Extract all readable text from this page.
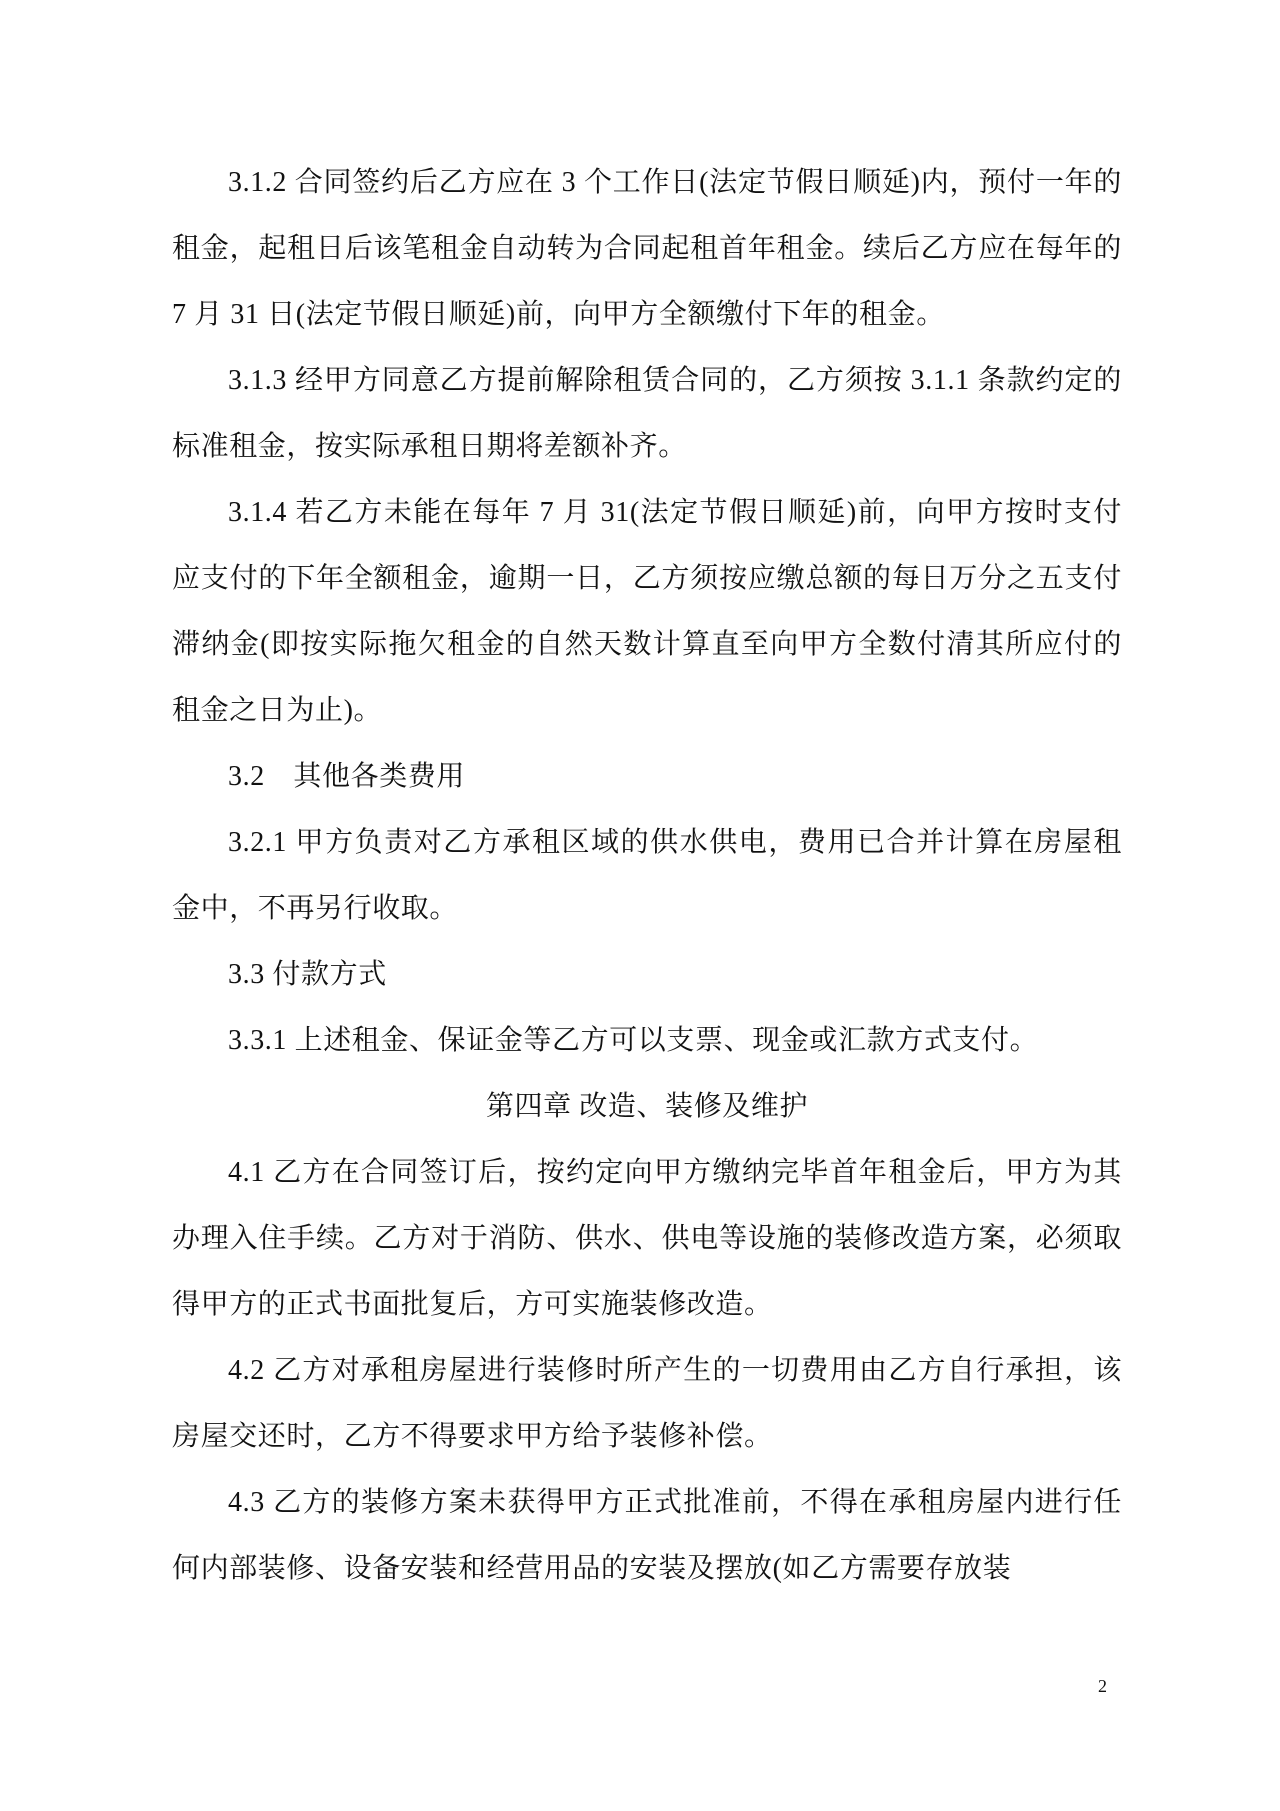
3.1.2 合同签约后乙方应在 3 个工作日(法定节假日顺延)内，预付一年的租金，起租日后该笔租金自动转为合同起租首年租金。续后乙方应在每年的 7 月 31 日(法定节假日顺延)前，向甲方全额缴付下年的租金。

3.1.3 经甲方同意乙方提前解除租赁合同的，乙方须按 3.1.1 条款约定的标准租金，按实际承租日期将差额补齐。

3.1.4 若乙方未能在每年 7 月 31(法定节假日顺延)前，向甲方按时支付应支付的下年全额租金，逾期一日，乙方须按应缴总额的每日万分之五支付滞纳金(即按实际拖欠租金的自然天数计算直至向甲方全数付清其所应付的租金之日为止)。

3.2　其他各类费用

3.2.1 甲方负责对乙方承租区域的供水供电，费用已合并计算在房屋租金中，不再另行收取。

3.3 付款方式

3.3.1 上述租金、保证金等乙方可以支票、现金或汇款方式支付。

第四章 改造、装修及维护

4.1 乙方在合同签订后，按约定向甲方缴纳完毕首年租金后，甲方为其办理入住手续。乙方对于消防、供水、供电等设施的装修改造方案，必须取得甲方的正式书面批复后，方可实施装修改造。

4.2 乙方对承租房屋进行装修时所产生的一切费用由乙方自行承担，该房屋交还时，乙方不得要求甲方给予装修补偿。

4.3 乙方的装修方案未获得甲方正式批准前，不得在承租房屋内进行任何内部装修、设备安装和经营用品的安装及摆放(如乙方需要存放装

2
